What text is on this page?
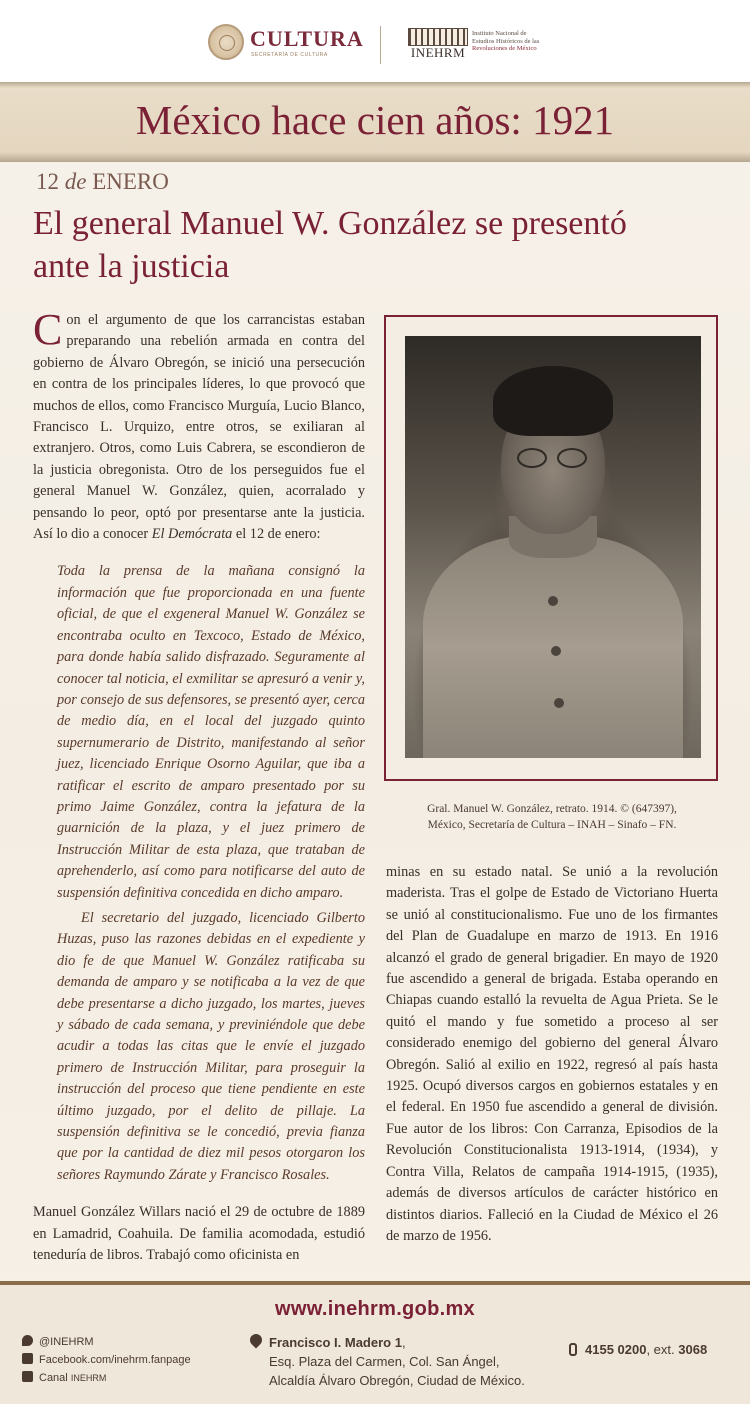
CULTURA
SECRETARÍA DE CULTURA	INEHRM
Instituto Nacional de
Estudios Históricos de las
Revoluciones de México
México hace cien años: 1921
12 de ENERO
El general Manuel W. González se presentó ante la justicia
Con el argumento de que los carrancistas estaban preparando una rebelión armada en contra del gobierno de Álvaro Obregón, se inició una persecución en contra de los principales líderes, lo que provocó que muchos de ellos, como Francisco Murguía, Lucio Blanco, Francisco L. Urquizo, entre otros, se exiliaran al extranjero. Otros, como Luis Cabrera, se escondieron de la justicia obregonista. Otro de los perseguidos fue el general Manuel W. González, quien, acorralado y pensando lo peor, optó por presentarse ante la justicia. Así lo dio a conocer El Demócrata el 12 de enero:

Toda la prensa de la mañana consignó la información que fue proporcionada en una fuente oficial, de que el exgeneral Manuel W. González se encontraba oculto en Texcoco, Estado de México, para donde había salido disfrazado. Seguramente al conocer tal noticia, el exmilitar se apresuró a venir y, por consejo de sus defensores, se presentó ayer, cerca de medio día, en el local del juzgado quinto supernumerario de Distrito, manifestando al señor juez, licenciado Enrique Osorno Aguilar, que iba a ratificar el escrito de amparo presentado por su primo Jaime González, contra la jefatura de la guarnición de la plaza, y el juez primero de Instrucción Militar de esta plaza, que trataban de aprehenderlo, así como para notificarse del auto de suspensión definitiva concedida en dicho amparo.

El secretario del juzgado, licenciado Gilberto Huzas, puso las razones debidas en el expediente y dio fe de que Manuel W. González ratificaba su demanda de amparo y se notificaba a la vez de que debe presentarse a dicho juzgado, los martes, jueves y sábado de cada semana, y previniéndole que debe acudir a todas las citas que le envíe el juzgado primero de Instrucción Militar, para proseguir la instrucción del proceso que tiene pendiente en este último juzgado, por el delito de pillaje. La suspensión definitiva se le concedió, previa fianza que por la cantidad de diez mil pesos otorgaron los señores Raymundo Zárate y Francisco Rosales.

Manuel González Willars nació el 29 de octubre de 1889 en Lamadrid, Coahuila. De familia acomodada, estudió teneduría de libros. Trabajó como oficinista en
Gral. Manuel W. González, retrato. 1914. © (647397),
México, Secretaría de Cultura – INAH – Sinafo – FN.
minas en su estado natal. Se unió a la revolución maderista. Tras el golpe de Estado de Victoriano Huerta se unió al constitucionalismo. Fue uno de los firmantes del Plan de Guadalupe en marzo de 1913. En 1916 alcanzó el grado de general brigadier. En mayo de 1920 fue ascendido a general de brigada. Estaba operando en Chiapas cuando estalló la revuelta de Agua Prieta. Se le quitó el mando y fue sometido a proceso al ser considerado enemigo del gobierno del general Álvaro Obregón. Salió al exilio en 1922, regresó al país hasta 1925. Ocupó diversos cargos en gobiernos estatales y en el federal. En 1950 fue ascendido a general de división. Fue autor de los libros: Con Carranza, Episodios de la Revolución Constitucionalista 1913-1914, (1934), y Contra Villa, Relatos de campaña 1914-1915, (1935), además de diversos artículos de carácter histórico en distintos diarios. Falleció en la Ciudad de México el 26 de marzo de 1956.
www.inehrm.gob.mx
@INEHRM
Facebook.com/inehrm.fanpage
Canal INEHRM
Francisco I. Madero 1,
Esq. Plaza del Carmen, Col. San Ángel,
Alcaldía Álvaro Obregón, Ciudad de México.
4155 0200, ext. 3068
